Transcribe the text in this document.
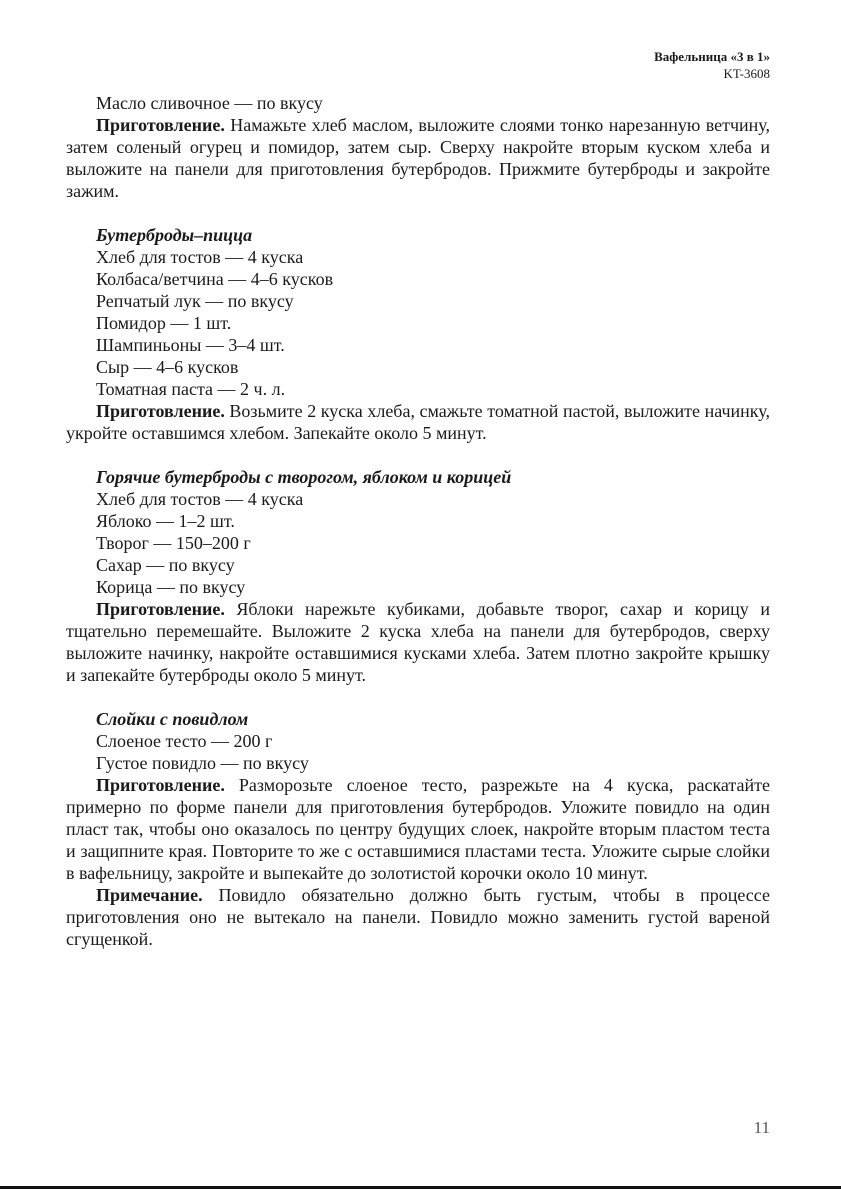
Вафельница «3 в 1»
KT-3608
Масло сливочное — по вкусу
Приготовление. Намажьте хлеб маслом, выложите слоями тонко нарезанную ветчину, затем соленый огурец и помидор, затем сыр. Сверху накройте вторым куском хлеба и выложите на панели для приготовления бутербродов. Прижмите бутерброды и закройте зажим.
Бутерброды–пицца
Хлеб для тостов — 4 куска
Колбаса/ветчина — 4–6 кусков
Репчатый лук — по вкусу
Помидор — 1 шт.
Шампиньоны — 3–4 шт.
Сыр — 4–6 кусков
Томатная паста — 2 ч. л.
Приготовление. Возьмите 2 куска хлеба, смажьте томатной пастой, выложите начинку, укройте оставшимся хлебом. Запекайте около 5 минут.
Горячие бутерброды с творогом, яблоком и корицей
Хлеб для тостов — 4 куска
Яблоко — 1–2 шт.
Творог — 150–200 г
Сахар — по вкусу
Корица — по вкусу
Приготовление. Яблоки нарежьте кубиками, добавьте творог, сахар и корицу и тщательно перемешайте. Выложите 2 куска хлеба на панели для бутербродов, сверху выложите начинку, накройте оставшимися кусками хлеба. Затем плотно закройте крышку и запекайте бутерброды около 5 минут.
Слойки с повидлом
Слоеное тесто — 200 г
Густое повидло — по вкусу
Приготовление. Разморозьте слоеное тесто, разрежьте на 4 куска, раскатайте примерно по форме панели для приготовления бутербродов. Уложите повидло на один пласт так, чтобы оно оказалось по центру будущих слоек, накройте вторым пластом теста и защипните края. Повторите то же с оставшимися пластами теста. Уложите сырые слойки в вафельницу, закройте и выпекайте до золотистой корочки около 10 минут.
Примечание. Повидло обязательно должно быть густым, чтобы в процессе приготовления оно не вытекало на панели. Повидло можно заменить густой вареной сгущенкой.
11
